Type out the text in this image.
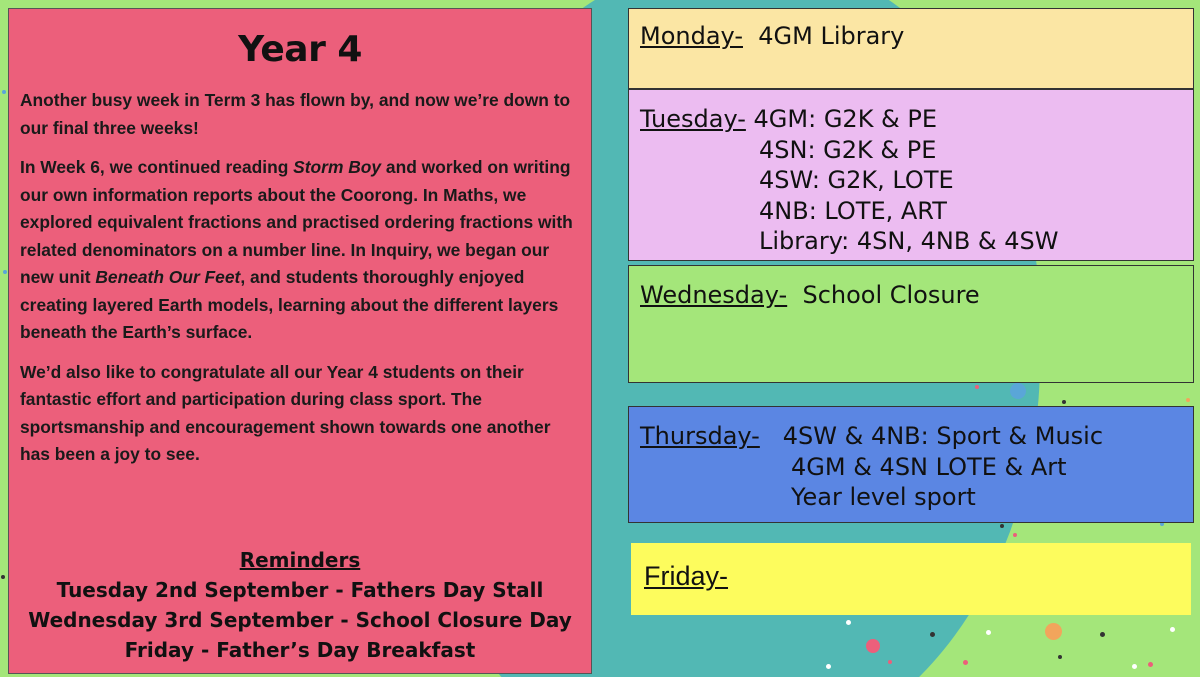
Year 4

Another busy week in Term 3 has flown by, and now we’re down to our final three weeks!

In Week 6, we continued reading Storm Boy and worked on writing our own information reports about the Coorong. In Maths, we explored equivalent fractions and practised ordering fractions with related denominators on a number line. In Inquiry, we began our new unit Beneath Our Feet, and students thoroughly enjoyed creating layered Earth models, learning about the different layers beneath the Earth’s surface.

We’d also like to congratulate all our Year 4 students on their fantastic effort and participation during class sport. The sportsmanship and encouragement shown towards one another has been a joy to see.

Reminders
Tuesday 2nd September - Fathers Day Stall
Wednesday 3rd September - School Closure Day
Friday - Father’s Day Breakfast
Monday- 4GM Library
Tuesday- 4GM: G2K & PE
4SN: G2K & PE
4SW: G2K, LOTE
4NB: LOTE, ART
Library: 4SN, 4NB & 4SW
Wednesday- School Closure
Thursday- 4SW & 4NB: Sport & Music
4GM & 4SN LOTE & Art
Year level sport
Friday-
